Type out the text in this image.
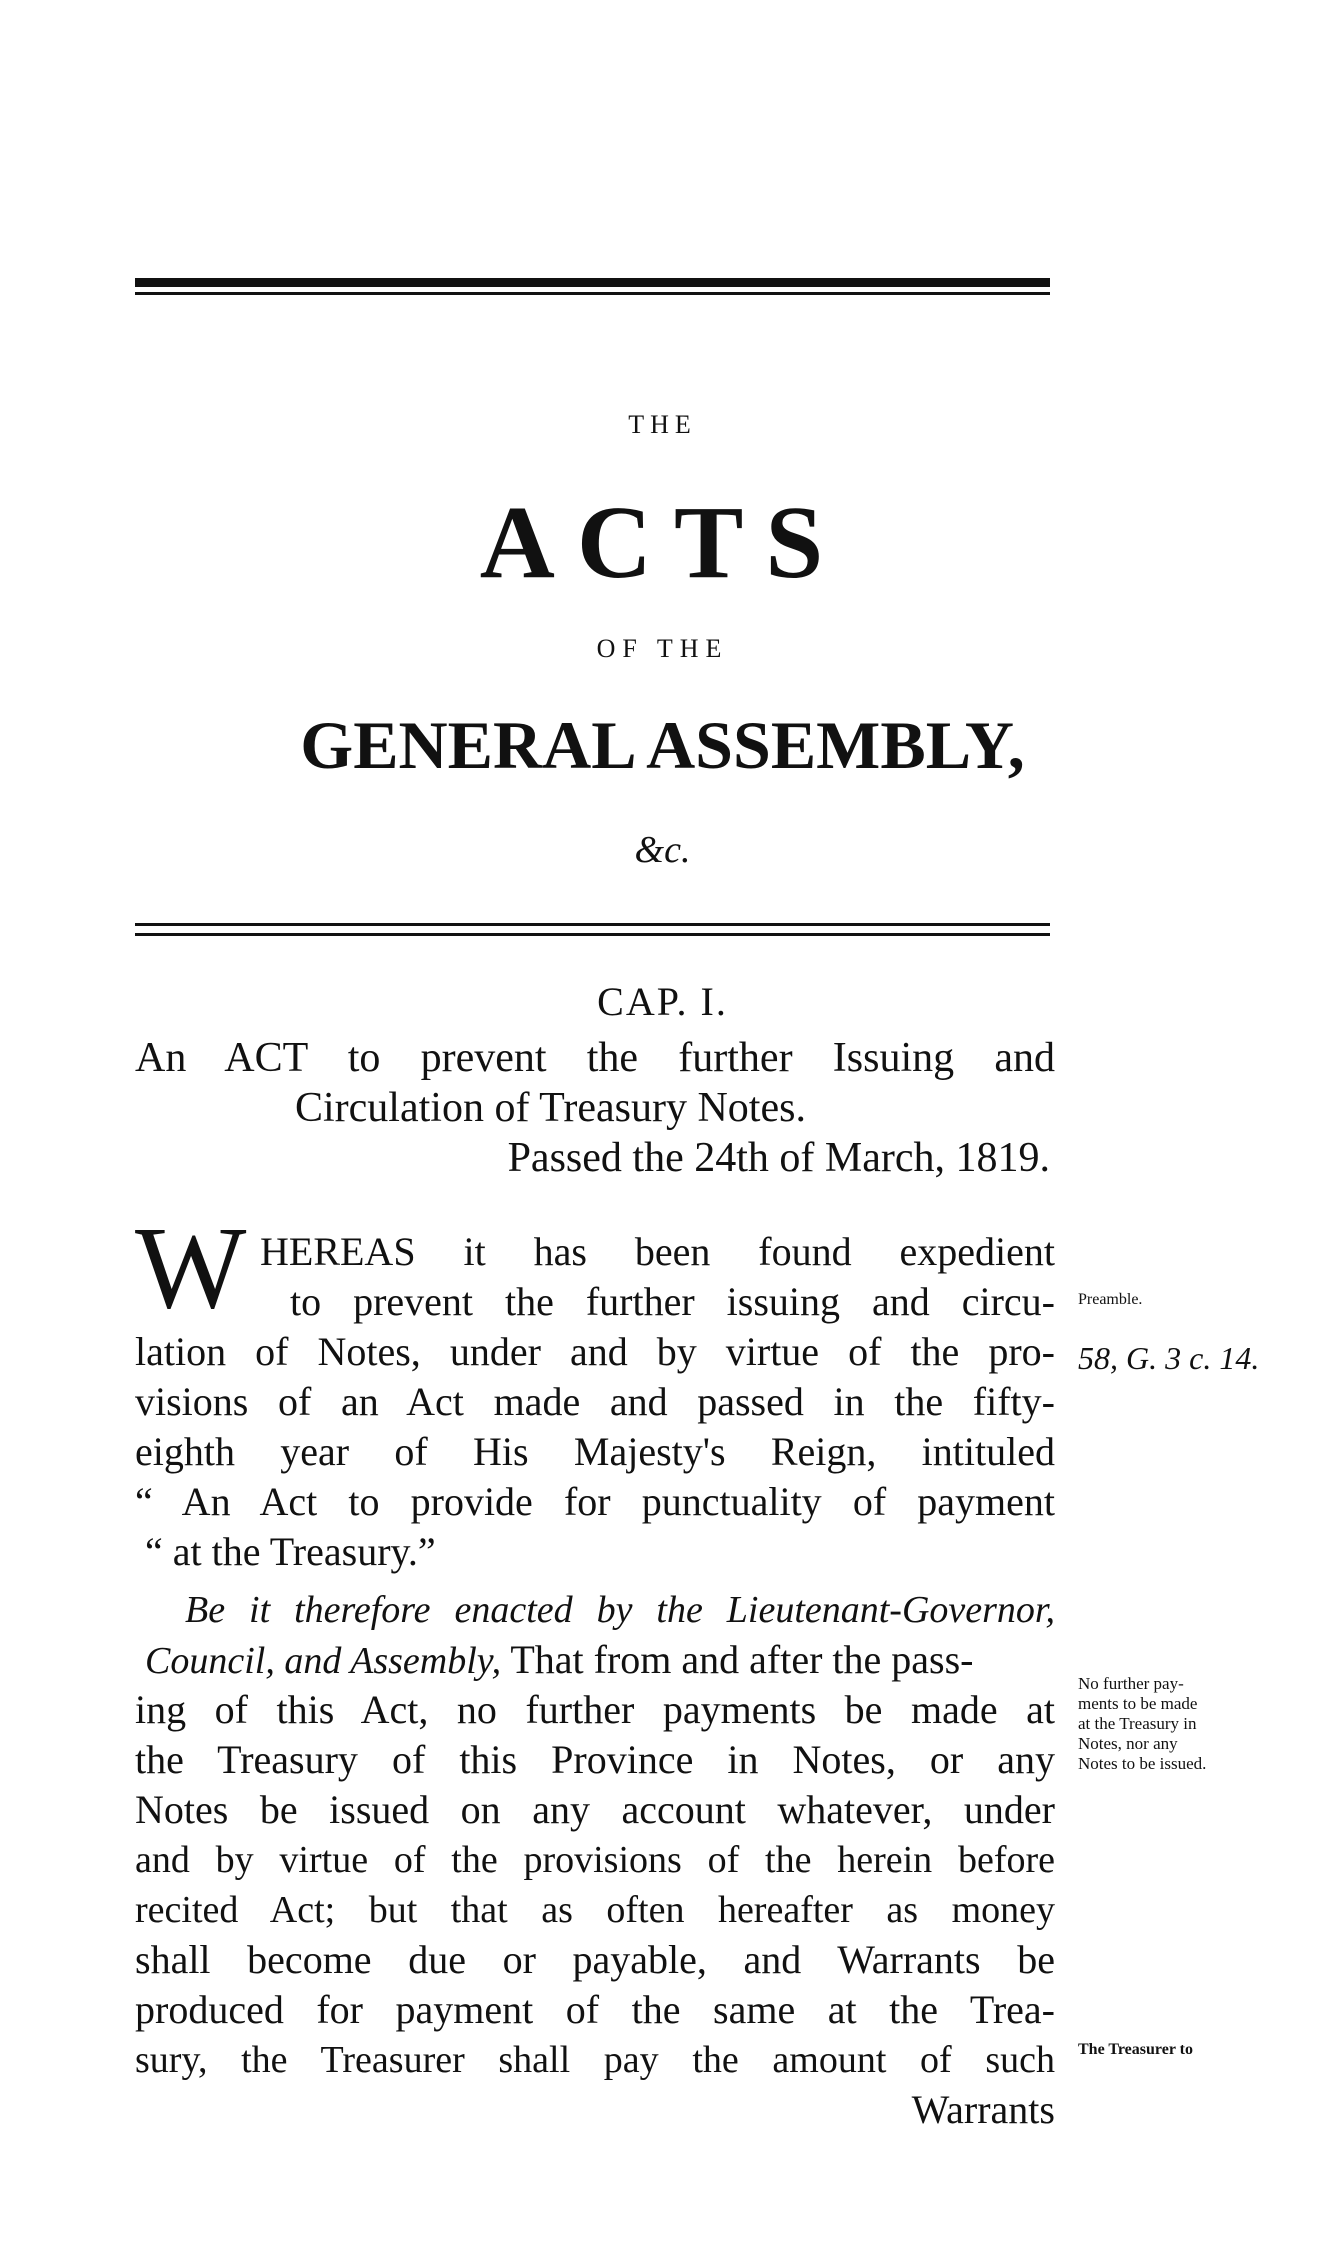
THE
ACTS
OF THE
GENERAL ASSEMBLY,
&c.
CAP. I.
An ACT to prevent the further Issuing and
Circulation of Treasury Notes.
Passed the 24th of March, 1819.
W HEREAS it has been found expedient
to prevent the further issuing and circu-
lation of Notes, under and by virtue of the pro-
visions of an Act made and passed in the fifty-
eighth year of His Majesty's Reign, intituled
“ An Act to provide for punctuality of payment
“ at the Treasury.”
Be it therefore enacted by the Lieutenant-Governor,
Council, and Assembly, That from and after the pass-
ing of this Act, no further payments be made at
the Treasury of this Province in Notes, or any
Notes be issued on any account whatever, under
and by virtue of the provisions of the herein before
recited Act; but that as often hereafter as money
shall become due or payable, and Warrants be
produced for payment of the same at the Trea-
sury, the Treasurer shall pay the amount of such
Warrants
Preamble.
58, G. 3 c. 14.
No further pay-
ments to be made
at the Treasury in
Notes, nor any
Notes to be issued.
The Treasurer to
